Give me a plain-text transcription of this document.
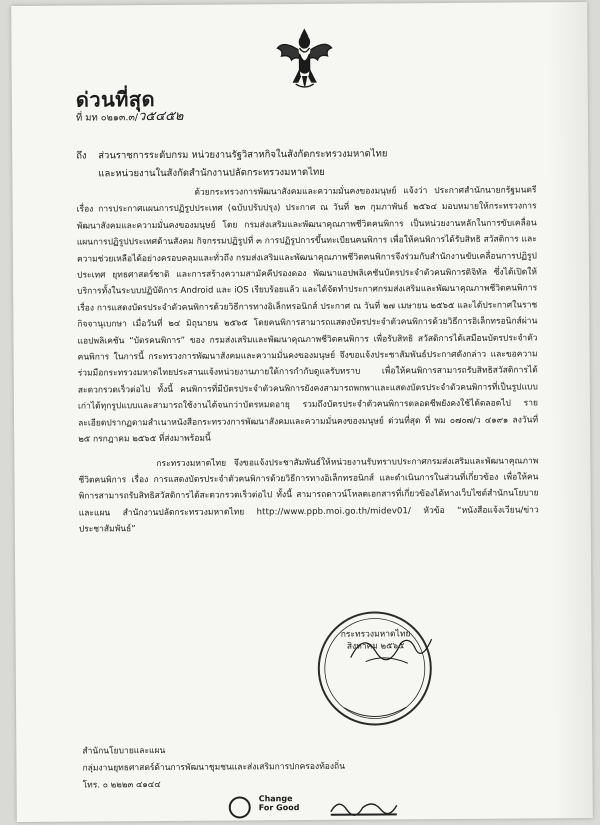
ด่วนที่สุด
ที่ มท ๐๒๑๓.๓/ว๕๔๕๒
ถึง ส่วนราชการระดับกรม หน่วยงานรัฐวิสาหกิจในสังกัดกระทรวงมหาดไทย
และหน่วยงานในสังกัดสำนักงานปลัดกระทรวงมหาดไทย

ด้วยกระทรวงการพัฒนาสังคมและความมั่นคงของมนุษย์ แจ้งว่า ประกาศสำนักนายกรัฐมนตรี เรื่อง การประกาศแผนการปฏิรูปประเทศ (ฉบับปรับปรุง) ประกาศ ณ วันที่ ๒๓ กุมภาพันธ์ ๒๕๖๔ มอบหมายให้กระทรวงการพัฒนาสังคมและความมั่นคงของมนุษย์ โดย กรมส่งเสริมและพัฒนาคุณภาพชีวิตคนพิการ เป็นหน่วยงานหลักในการขับเคลื่อนแผนการปฏิรูปประเทศด้านสังคม กิจกรรมปฏิรูปที่ ๓ การปฏิรูปการขึ้นทะเบียนคนพิการ เพื่อให้คนพิการได้รับสิทธิ สวัสดิการ และความช่วยเหลือได้อย่างครอบคลุมและทั่วถึง กรมส่งเสริมและพัฒนาคุณภาพชีวิตคนพิการจึงร่วมกับสำนักงานขับเคลื่อนการปฏิรูปประเทศ ยุทธศาสตร์ชาติ และการสร้างความสามัคคีปรองดอง พัฒนาแอปพลิเคชันบัตรประจำตัวคนพิการดิจิทัล ซึ่งได้เปิดให้บริการทั้งในระบบปฏิบัติการ Android และ iOS เรียบร้อยแล้ว และได้จัดทำประกาศกรมส่งเสริมและพัฒนาคุณภาพชีวิตคนพิการ เรื่อง การแสดงบัตรประจำตัวคนพิการด้วยวิธีการทางอิเล็กทรอนิกส์ ประกาศ ณ วันที่ ๒๗ เมษายน ๒๕๖๕ และได้ประกาศในราชกิจจานุเบกษา เมื่อวันที่ ๒๔ มิถุนายน ๒๕๖๕ โดยคนพิการสามารถแสดงบัตรประจำตัวคนพิการด้วยวิธีการอิเล็กทรอนิกส์ผ่านแอปพลิเคชัน “บัตรคนพิการ” ของ กรมส่งเสริมและพัฒนาคุณภาพชีวิตคนพิการ เพื่อรับสิทธิ สวัสดิการได้เสมือนบัตรประจำตัวคนพิการ ในการนี้ กระทรวงการพัฒนาสังคมและความมั่นคงของมนุษย์ จึงขอแจ้งประชาสัมพันธ์ประกาศดังกล่าว และขอความร่วมมือกระทรวงมหาดไทยประสานแจ้งหน่วยงานภายใต้การกำกับดูแลรับทราบ เพื่อให้คนพิการสามารถรับสิทธิสวัสดิการได้สะดวกรวดเร็วต่อไป ทั้งนี้ คนพิการที่มีบัตรประจำตัวคนพิการยังคงสามารถพกพาและแสดงบัตรประจำตัวคนพิการที่เป็นรูปแบบเก่าได้ทุกรูปแบบและสามารถใช้งานได้จนกว่าบัตรหมดอายุ รวมถึงบัตรประจำตัวคนพิการตลอดชีพยังคงใช้ได้ตลอดไป รายละเอียดปรากฏตามสำเนาหนังสือกระทรวงการพัฒนาสังคมและความมั่นคงของมนุษย์ ด่วนที่สุด ที่ พม ๐๗๐๗/ว ๔๑๙๑ ลงวันที่ ๒๕ กรกฎาคม ๒๕๖๕ ที่ส่งมาพร้อมนี้

กระทรวงมหาดไทย จึงขอแจ้งประชาสัมพันธ์ให้หน่วยงานรับทราบประกาศกรมส่งเสริมและพัฒนาคุณภาพชีวิตคนพิการ เรื่อง การแสดงบัตรประจำตัวคนพิการด้วยวิธีการทางอิเล็กทรอนิกส์ และดำเนินการในส่วนที่เกี่ยวข้อง เพื่อให้คนพิการสามารถรับสิทธิสวัสดิการได้สะดวกรวดเร็วต่อไป ทั้งนี้ สามารถดาวน์โหลดเอกสารที่เกี่ยวข้องได้ทางเว็บไซต์สำนักนโยบายและแผน สำนักงานปลัดกระทรวงมหาดไทย http://www.ppb.moi.go.th/midev01/ หัวข้อ “หนังสือแจ้งเวียน/ข่าวประชาสัมพันธ์”

กระทรวงมหาดไทย
สิงหาคม ๒๕๖๕
สำนักนโยบายและแผน
กลุ่มงานยุทธศาสตร์ด้านการพัฒนาชุมชนและส่งเสริมการปกครองท้องถิ่น
โทร. ๐ ๒๒๒๓ ๔๑๔๔
Change
For Good
